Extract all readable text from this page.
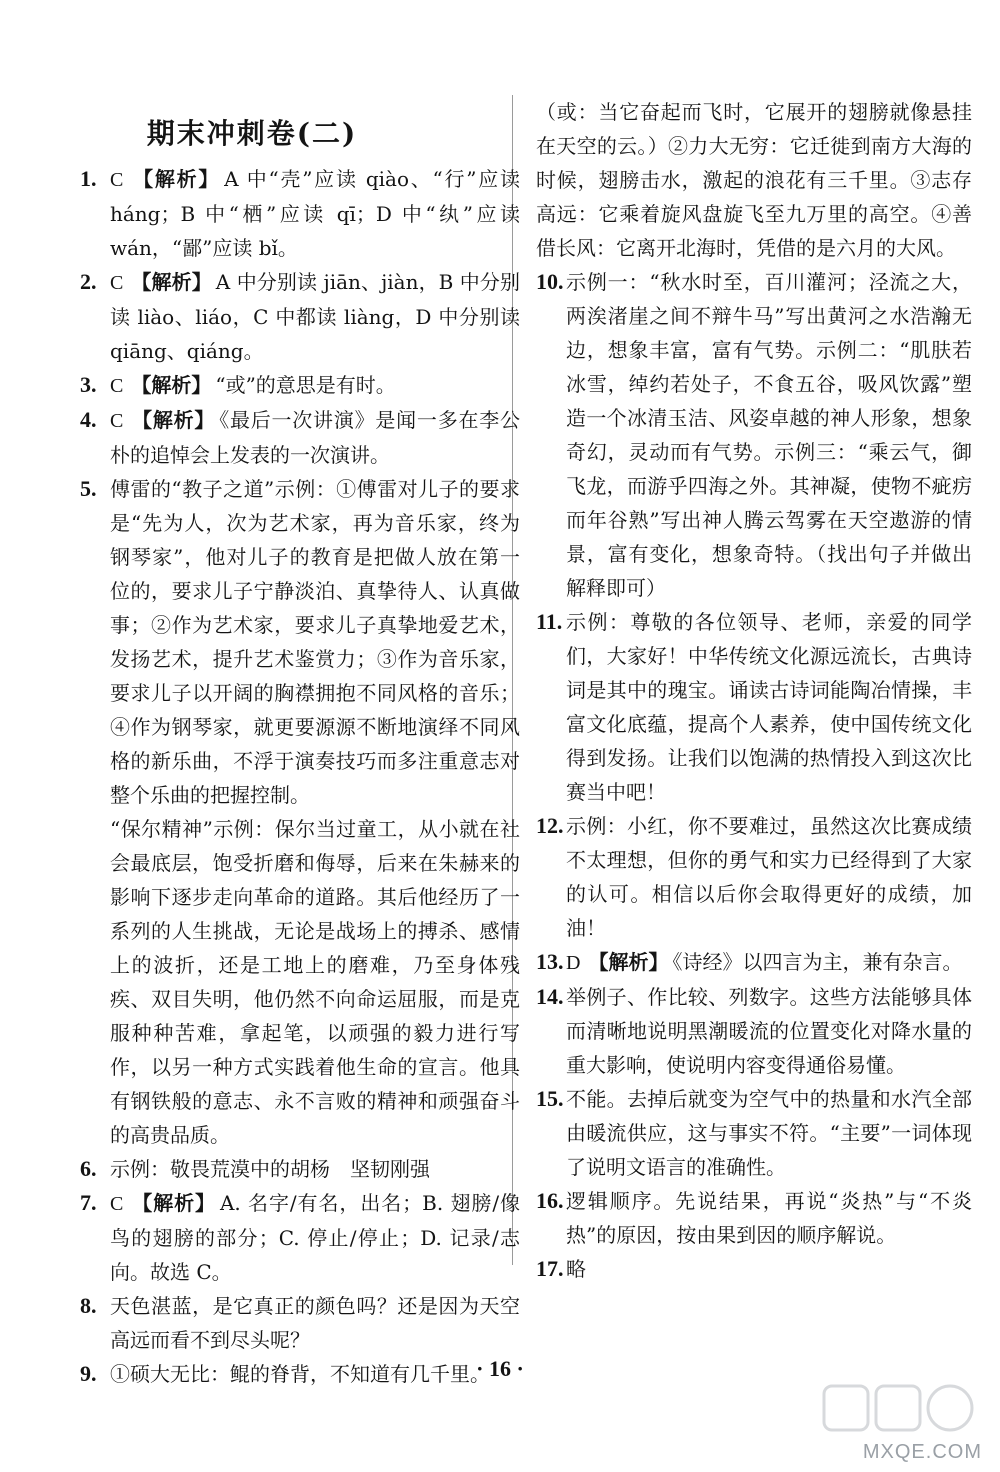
期末冲刺卷(二)
1. C 【解析】 A 中“壳”应读 qiào、“行”应读 háng；B 中“栖”应读 qī；D 中“纨”应读 wán，“鄙”应读 bǐ。
2. C 【解析】 A 中分别读 jiān、jiàn，B 中分别读 liào、liáo，C 中都读 liàng，D 中分别读 qiāng、qiáng。
3. C 【解析】 “或”的意思是有时。
4. C 【解析】 《最后一次讲演》是闻一多在李公朴的追悼会上发表的一次演讲。
5. 傅雷的“教子之道”示例：①傅雷对儿子的要求是“先为人，次为艺术家，再为音乐家，终为钢琴家”，他对儿子的教育是把做人放在第一位的，要求儿子宁静淡泊、真挚待人、认真做事；②作为艺术家，要求儿子真挚地爱艺术，发扬艺术，提升艺术鉴赏力；③作为音乐家，要求儿子以开阔的胸襟拥抱不同风格的音乐；④作为钢琴家，就更要源源不断地演绎不同风格的新乐曲，不浮于演奏技巧而多注重意志对整个乐曲的把握控制。
“保尔精神”示例：保尔当过童工，从小就在社会最底层，饱受折磨和侮辱，后来在朱赫来的影响下逐步走向革命的道路。其后他经历了一系列的人生挑战，无论是战场上的搏杀、感情上的波折，还是工地上的磨难，乃至身体残疾、双目失明，他仍然不向命运屈服，而是克服种种苦难，拿起笔，以顽强的毅力进行写作，以另一种方式实践着他生命的宣言。他具有钢铁般的意志、永不言败的精神和顽强奋斗的高贵品质。
6. 示例：敬畏荒漠中的胡杨　坚韧刚强
7. C 【解析】 A. 名字/有名，出名；B. 翅膀/像鸟的翅膀的部分；C. 停止/停止；D. 记录/志向。故选 C。
8. 天色湛蓝，是它真正的颜色吗？还是因为天空高远而看不到尽头呢？
9. ①硕大无比：鲲的脊背，不知道有几千里。
（或：当它奋起而飞时，它展开的翅膀就像悬挂在天空的云。）②力大无穷：它迁徙到南方大海的时候，翅膀击水，激起的浪花有三千里。③志存高远：它乘着旋风盘旋飞至九万里的高空。④善借长风：它离开北海时，凭借的是六月的大风。
10. 示例一：“秋水时至，百川灌河；泾流之大，两涘渚崖之间不辩牛马”写出黄河之水浩瀚无边，想象丰富，富有气势。示例二：“肌肤若冰雪，绰约若处子，不食五谷，吸风饮露”塑造一个冰清玉洁、风姿卓越的神人形象，想象奇幻，灵动而有气势。示例三：“乘云气，御飞龙，而游乎四海之外。其神凝，使物不疵疠而年谷熟”写出神人腾云驾雾在天空遨游的情景，富有变化，想象奇特。（找出句子并做出解释即可）
11. 示例：尊敬的各位领导、老师，亲爱的同学们，大家好！中华传统文化源远流长，古典诗词是其中的瑰宝。诵读古诗词能陶冶情操，丰富文化底蕴，提高个人素养，使中国传统文化得到发扬。让我们以饱满的热情投入到这次比赛当中吧！
12. 示例：小红，你不要难过，虽然这次比赛成绩不太理想，但你的勇气和实力已经得到了大家的认可。相信以后你会取得更好的成绩，加油！
13. D 【解析】 《诗经》以四言为主，兼有杂言。
14. 举例子、作比较、列数字。这些方法能够具体而清晰地说明黑潮暖流的位置变化对降水量的重大影响，使说明内容变得通俗易懂。
15. 不能。去掉后就变为空气中的热量和水汽全部由暖流供应，这与事实不符。“主要”一词体现了说明文语言的准确性。
16. 逻辑顺序。先说结果，再说“炎热”与“不炎热”的原因，按由果到因的顺序解说。
17. 略
· 16 ·
MXQE.COM
